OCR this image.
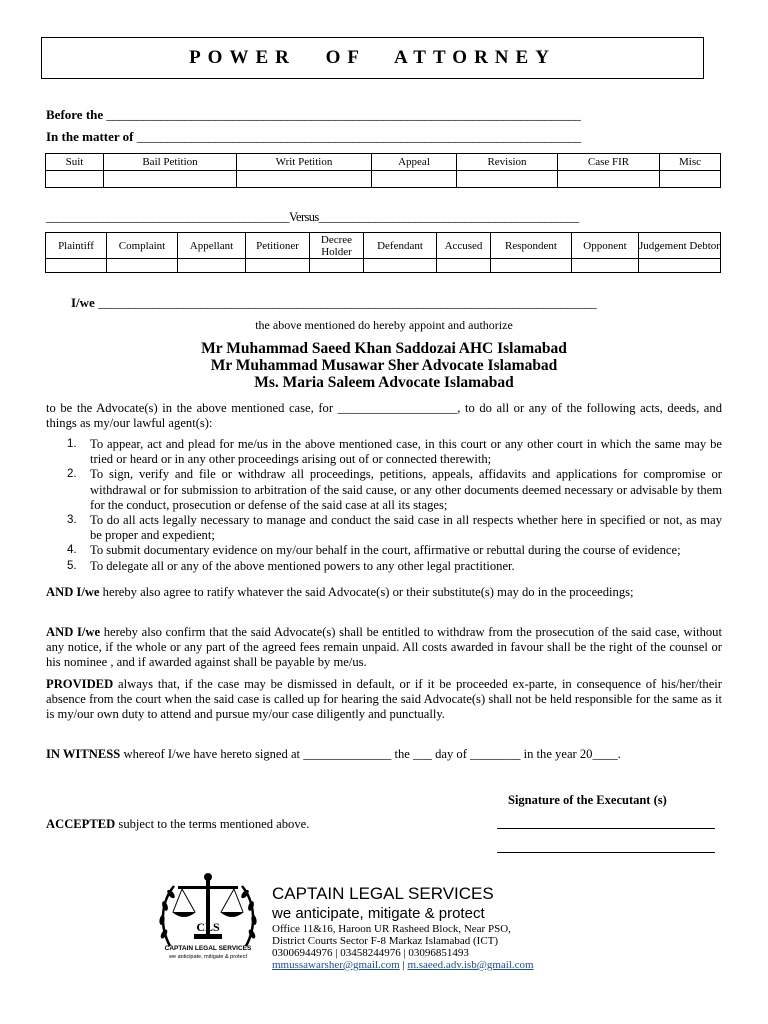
POWER OF ATTORNEY
Before the _______________________________________________________________________________
In the matter of __________________________________________________________________________
Suit	Bail Petition	Writ Petition	Appeal	Revision	Case FIR	Misc

___________________________________________Versus______________________________________________
Plaintiff	Complaint	Appellant	Petitioner	Decree Holder	Defendant	Accused	Respondent	Opponent	Judgement Debtor

I/we ___________________________________________________________________________________
the above mentioned do hereby appoint and authorize
Mr Muhammad Saeed Khan Saddozai AHC Islamabad
Mr Muhammad Musawar Sher Advocate Islamabad
Ms. Maria Saleem Advocate Islamabad
to be the Advocate(s) in the above mentioned case, for ___________________, to do all or any of the following acts, deeds, and things as my/our lawful agent(s):
1. To appear, act and plead for me/us in the above mentioned case, in this court or any other court in which the same may be tried or heard or in any other proceedings arising out of or connected therewith;
2. To sign, verify and file or withdraw all proceedings, petitions, appeals, affidavits and applications for compromise or withdrawal or for submission to arbitration of the said cause, or any other documents deemed necessary or advisable by them for the conduct, prosecution or defense of the said case at all its stages;
3. To do all acts legally necessary to manage and conduct the said case in all respects whether here in specified or not, as may be proper and expedient;
4. To submit documentary evidence on my/our behalf in the court, affirmative or rebuttal during the course of evidence;
5. To delegate all or any of the above mentioned powers to any other legal practitioner.
AND I/we hereby also agree to ratify whatever the said Advocate(s) or their substitute(s) may do in the proceedings;
AND I/we hereby also confirm that the said Advocate(s) shall be entitled to withdraw from the prosecution of the said case, without any notice, if the whole or any part of the agreed fees remain unpaid. All costs awarded in favour shall be the right of the counsel or his nominee , and if awarded against shall be payable by me/us.
PROVIDED always that, if the case may be dismissed in default, or if it be proceeded ex-parte, in consequence of his/her/their absence from the court when the said case is called up for hearing the said Advocate(s) shall not be held responsible for the same as it is my/our own duty to attend and pursue my/our case diligently and punctually.
IN WITNESS whereof I/we have hereto signed at ______________ the ___ day of ________ in the year 20____.
Signature of the Executant (s)
ACCEPTED subject to the terms mentioned above.
CLS
CAPTAIN LEGAL SERVICES
we anticipate, mitigate & protect
CAPTAIN LEGAL SERVICES
we anticipate, mitigate & protect
Office 11&16, Haroon UR Rasheed Block, Near PSO,
District Courts Sector F-8 Markaz Islamabad (ICT)
03006944976 | 03458244976 | 03096851493
mmussawarsher@gmail.com | m.saeed.adv.isb@gmail.com
